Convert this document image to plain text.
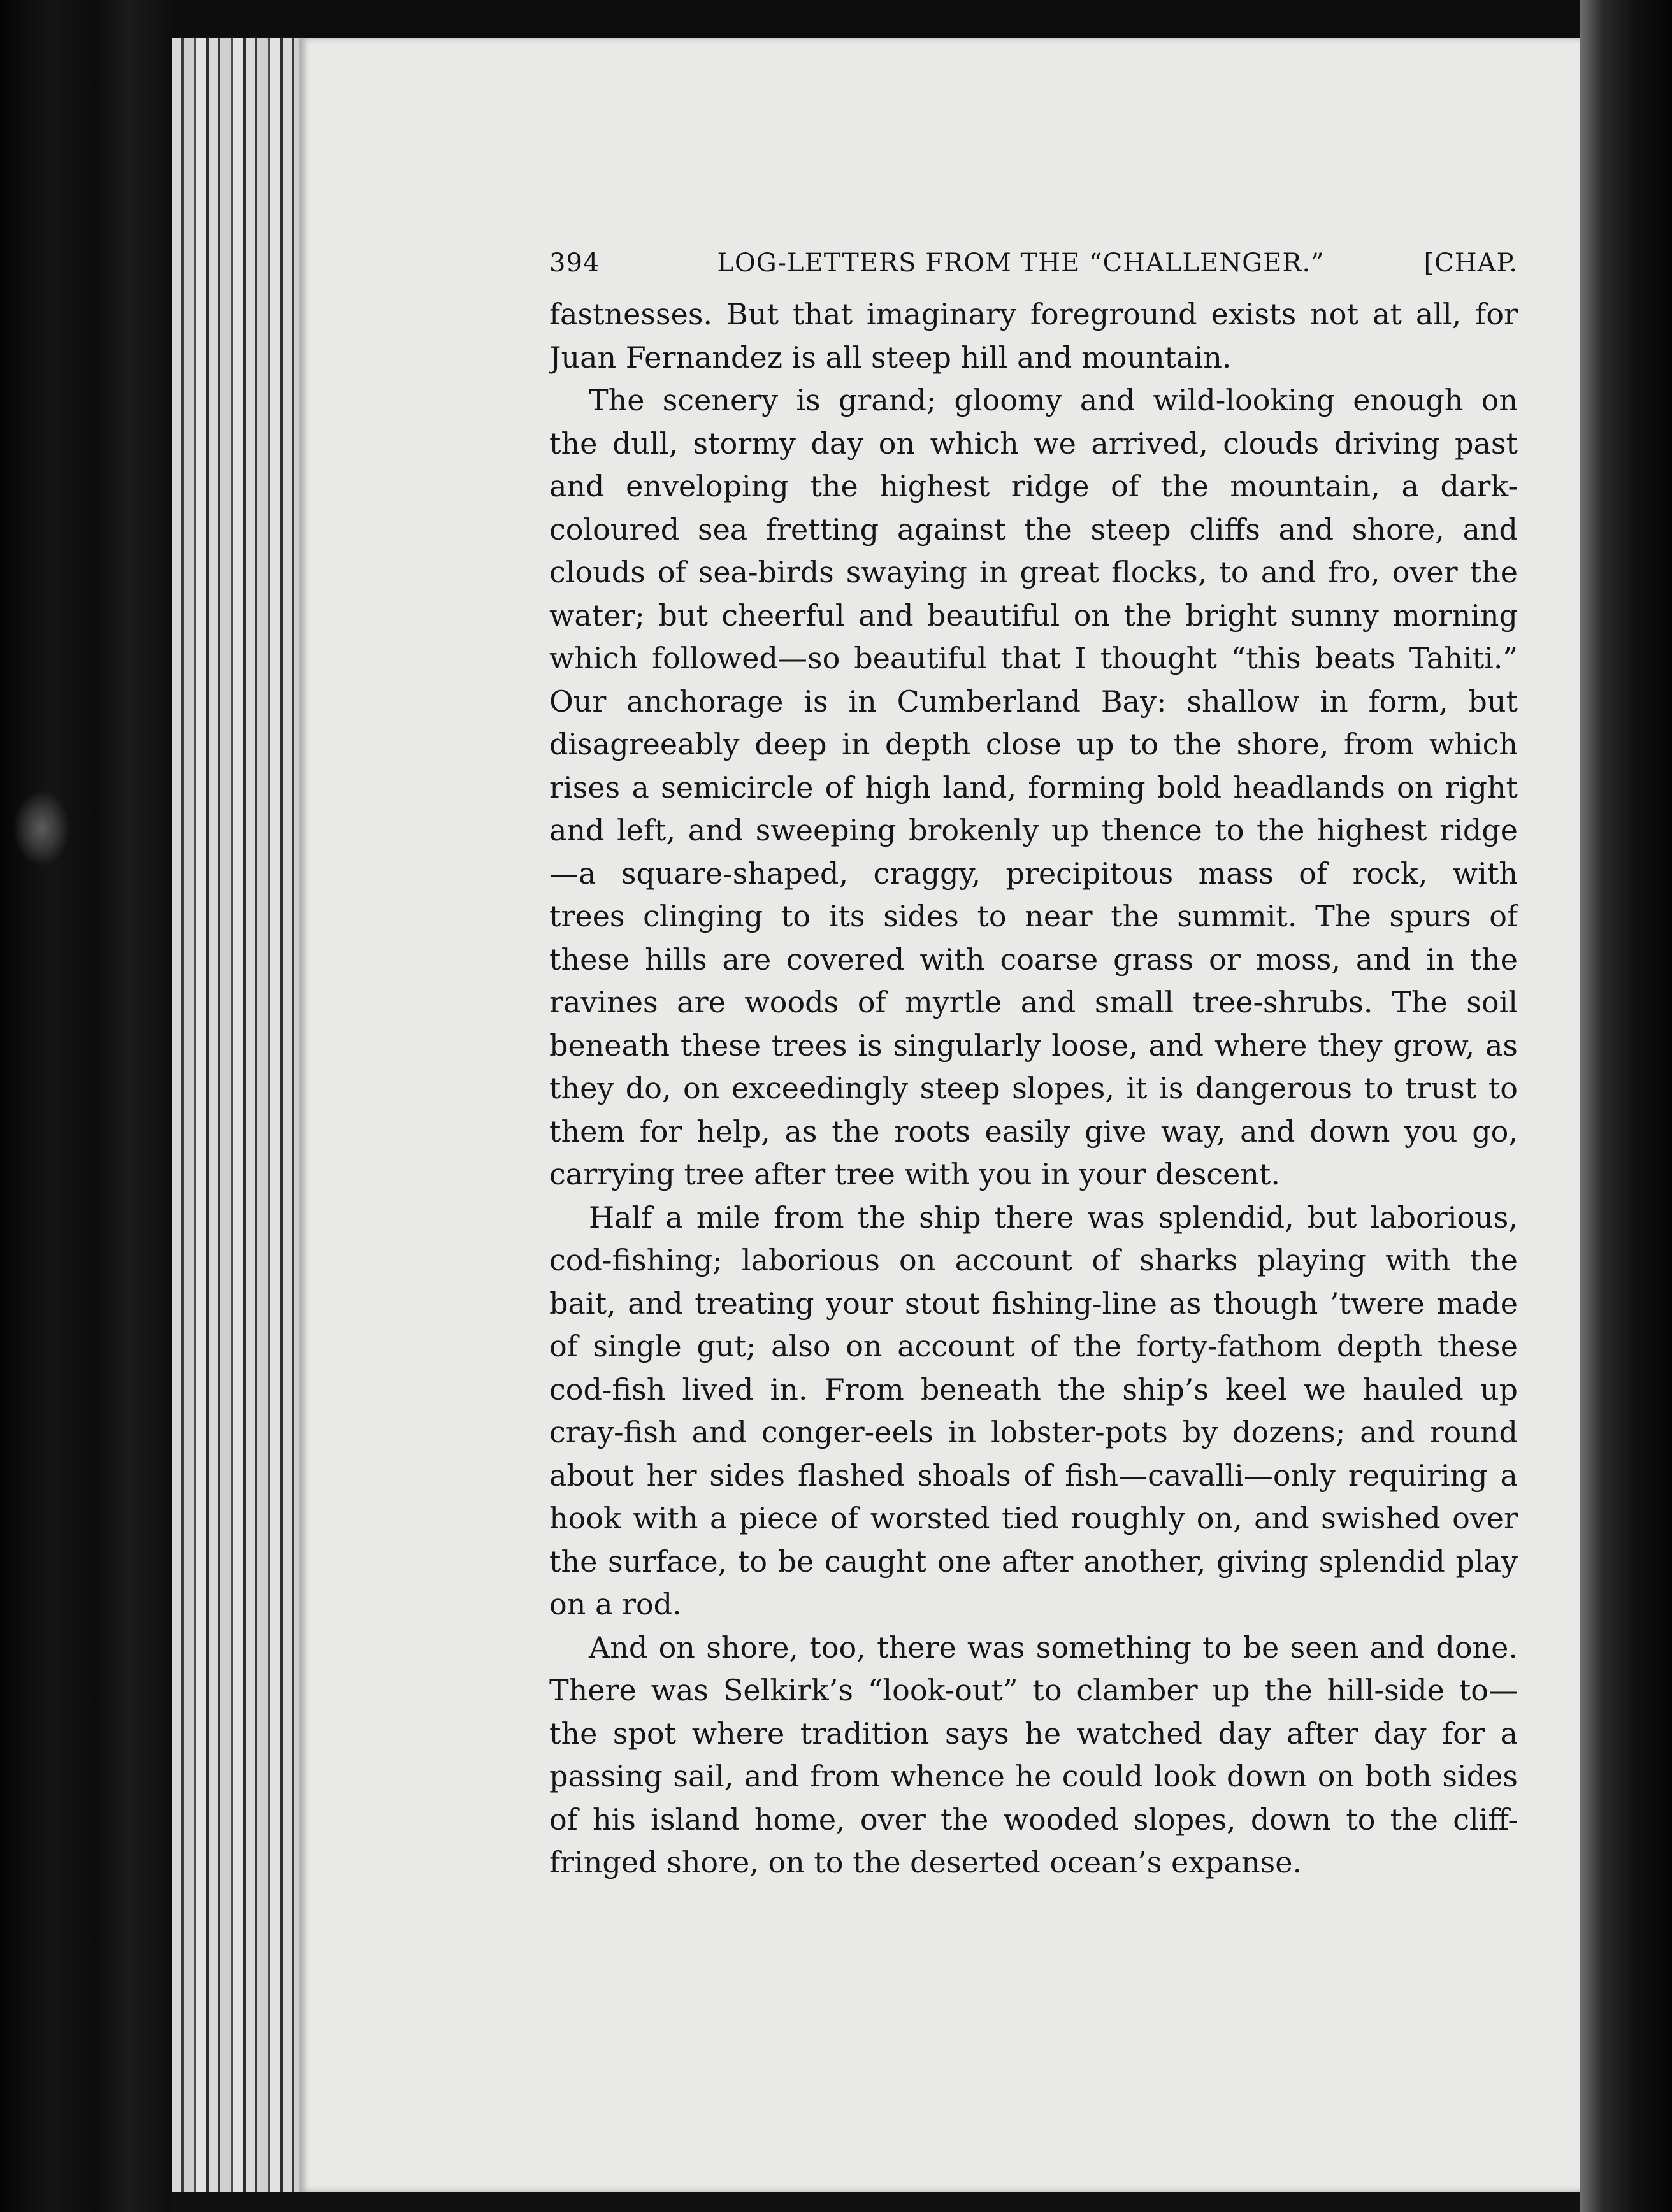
394	LOG-LETTERS FROM THE “CHALLENGER.”	[CHAP.
fastnesses. But that imaginary foreground exists not at all, for
Juan Fernandez is all steep hill and mountain.
The scenery is grand; gloomy and wild-looking enough on
the dull, stormy day on which we arrived, clouds driving past
and enveloping the highest ridge of the mountain, a dark-
coloured sea fretting against the steep cliffs and shore, and
clouds of sea-birds swaying in great flocks, to and fro, over the
water; but cheerful and beautiful on the bright sunny morning
which followed—so beautiful that I thought “this beats Tahiti.”
Our anchorage is in Cumberland Bay: shallow in form, but
disagreeably deep in depth close up to the shore, from which
rises a semicircle of high land, forming bold headlands on right
and left, and sweeping brokenly up thence to the highest ridge
—a square-shaped, craggy, precipitous mass of rock, with
trees clinging to its sides to near the summit. The spurs of
these hills are covered with coarse grass or moss, and in the
ravines are woods of myrtle and small tree-shrubs. The soil
beneath these trees is singularly loose, and where they grow, as
they do, on exceedingly steep slopes, it is dangerous to trust to
them for help, as the roots easily give way, and down you go,
carrying tree after tree with you in your descent.
Half a mile from the ship there was splendid, but laborious,
cod-fishing; laborious on account of sharks playing with the
bait, and treating your stout fishing-line as though ’twere made
of single gut; also on account of the forty-fathom depth these
cod-fish lived in. From beneath the ship’s keel we hauled up
cray-fish and conger-eels in lobster-pots by dozens; and round
about her sides flashed shoals of fish—cavalli—only requiring a
hook with a piece of worsted tied roughly on, and swished over
the surface, to be caught one after another, giving splendid play
on a rod.
And on shore, too, there was something to be seen and done.
There was Selkirk’s “look-out” to clamber up the hill-side to—
the spot where tradition says he watched day after day for a
passing sail, and from whence he could look down on both sides
of his island home, over the wooded slopes, down to the cliff-
fringed shore, on to the deserted ocean’s expanse.
